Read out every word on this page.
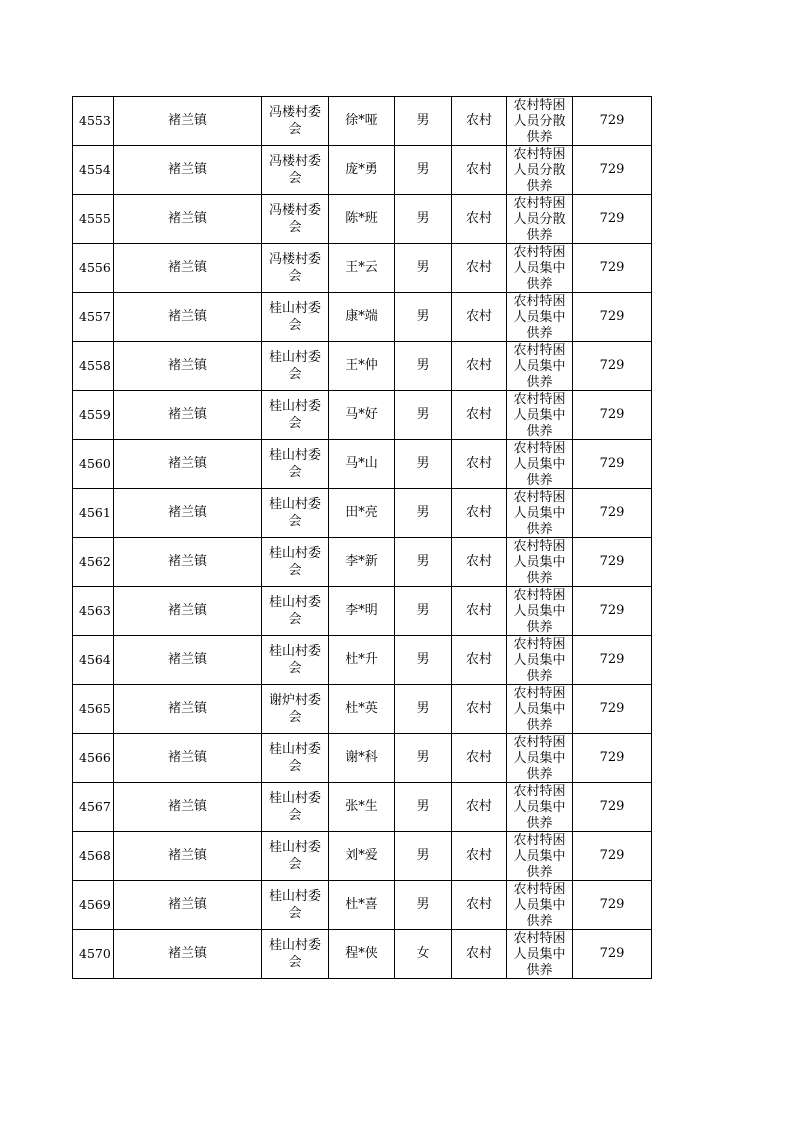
4553	褚兰镇	冯楼村委会	徐*哑	男	农村	农村特困人员分散供养	729
4554	褚兰镇	冯楼村委会	庞*勇	男	农村	农村特困人员分散供养	729
4555	褚兰镇	冯楼村委会	陈*班	男	农村	农村特困人员分散供养	729
4556	褚兰镇	冯楼村委会	王*云	男	农村	农村特困人员集中供养	729
4557	褚兰镇	桂山村委会	康*端	男	农村	农村特困人员集中供养	729
4558	褚兰镇	桂山村委会	王*仲	男	农村	农村特困人员集中供养	729
4559	褚兰镇	桂山村委会	马*好	男	农村	农村特困人员集中供养	729
4560	褚兰镇	桂山村委会	马*山	男	农村	农村特困人员集中供养	729
4561	褚兰镇	桂山村委会	田*亮	男	农村	农村特困人员集中供养	729
4562	褚兰镇	桂山村委会	李*新	男	农村	农村特困人员集中供养	729
4563	褚兰镇	桂山村委会	李*明	男	农村	农村特困人员集中供养	729
4564	褚兰镇	桂山村委会	杜*升	男	农村	农村特困人员集中供养	729
4565	褚兰镇	谢炉村委会	杜*英	男	农村	农村特困人员集中供养	729
4566	褚兰镇	桂山村委会	谢*科	男	农村	农村特困人员集中供养	729
4567	褚兰镇	桂山村委会	张*生	男	农村	农村特困人员集中供养	729
4568	褚兰镇	桂山村委会	刘*爱	男	农村	农村特困人员集中供养	729
4569	褚兰镇	桂山村委会	杜*喜	男	农村	农村特困人员集中供养	729
4570	褚兰镇	桂山村委会	程*侠	女	农村	农村特困人员集中供养	729
